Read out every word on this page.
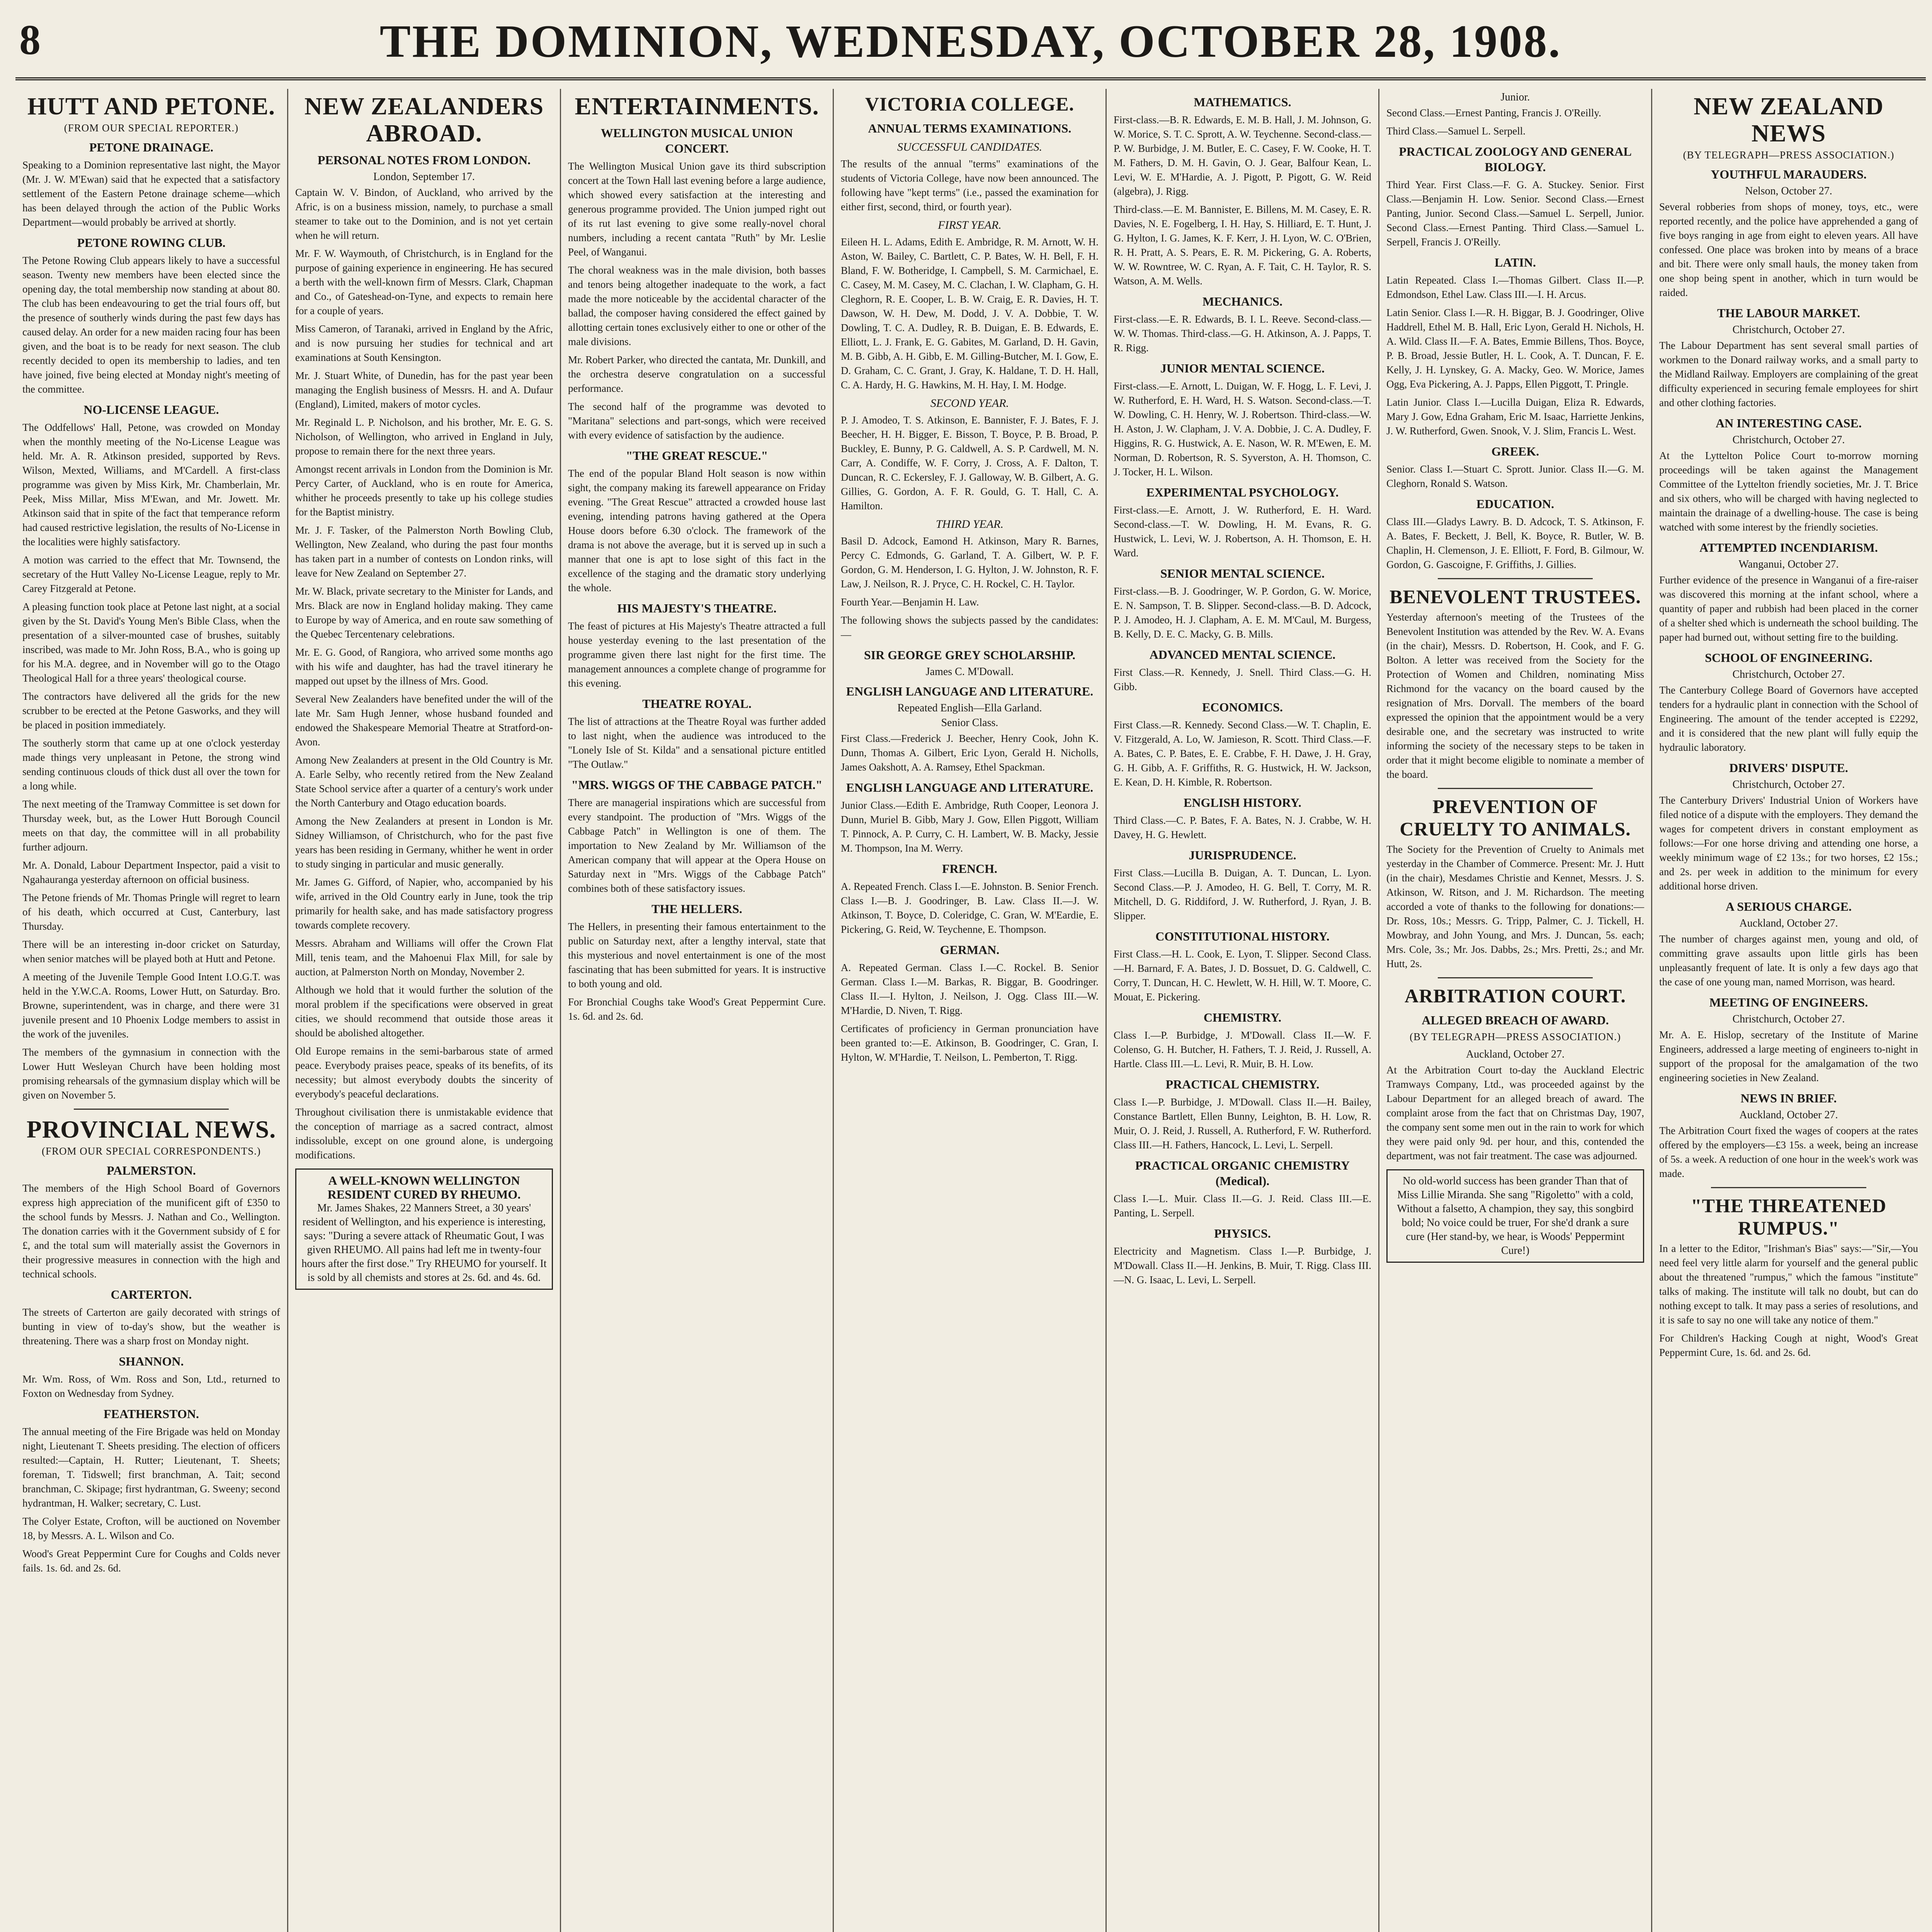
8	THE DOMINION, WEDNESDAY, OCTOBER 28, 1908.
HUTT AND PETONE.
(FROM OUR SPECIAL REPORTER.)
PETONE DRAINAGE.

Speaking to a Dominion representative last night, the Mayor (Mr. J. W. M'Ewan) said that he expected that a satisfactory settlement of the Eastern Petone drainage scheme—which has been delayed through the action of the Public Works Department—would probably be arrived at shortly.

PETONE ROWING CLUB.

The Petone Rowing Club appears likely to have a successful season. Twenty new members have been elected since the opening day, the total membership now standing at about 80. The club has been endeavouring to get the trial fours off, but the presence of southerly winds during the past few days has caused delay. An order for a new maiden racing four has been given, and the boat is to be ready for next season. The club recently decided to open its membership to ladies, and ten have joined, five being elected at Monday night's meeting of the committee.

NO-LICENSE LEAGUE.

The Oddfellows' Hall, Petone, was crowded on Monday when the monthly meeting of the No-License League was held. Mr. A. R. Atkinson presided, supported by Revs. Wilson, Mexted, Williams, and M'Cardell. A first-class programme was given by Miss Kirk, Mr. Chamberlain, Mr. Peek, Miss Millar, Miss M'Ewan, and Mr. Jowett. Mr. Atkinson said that in spite of the fact that temperance reform had caused restrictive legislation, the results of No-License in the localities were highly satisfactory.

A motion was carried to the effect that Mr. Townsend, the secretary of the Hutt Valley No-License League, reply to Mr. Carey Fitzgerald at Petone.

A pleasing function took place at Petone last night, at a social given by the St. David's Young Men's Bible Class, when the presentation of a silver-mounted case of brushes, suitably inscribed, was made to Mr. John Ross, B.A., who is going up for his M.A. degree, and in November will go to the Otago Theological Hall for a three years' theological course.

The contractors have delivered all the grids for the new scrubber to be erected at the Petone Gasworks, and they will be placed in position immediately.

The southerly storm that came up at one o'clock yesterday made things very unpleasant in Petone, the strong wind sending continuous clouds of thick dust all over the town for a long while.

The next meeting of the Tramway Committee is set down for Thursday week, but, as the Lower Hutt Borough Council meets on that day, the committee will in all probability further adjourn.

Mr. A. Donald, Labour Department Inspector, paid a visit to Ngahauranga yesterday afternoon on official business.

The Petone friends of Mr. Thomas Pringle will regret to learn of his death, which occurred at Cust, Canterbury, last Thursday.

There will be an interesting in-door cricket on Saturday, when senior matches will be played both at Hutt and Petone.

A meeting of the Juvenile Temple Good Intent I.O.G.T. was held in the Y.W.C.A. Rooms, Lower Hutt, on Saturday. Bro. Browne, superintendent, was in charge, and there were 31 juvenile present and 10 Phoenix Lodge members to assist in the work of the juveniles.

The members of the gymnasium in connection with the Lower Hutt Wesleyan Church have been holding most promising rehearsals of the gymnasium display which will be given on November 5.

PROVINCIAL NEWS.
(FROM OUR SPECIAL CORRESPONDENTS.)
PALMERSTON.

The members of the High School Board of Governors express high appreciation of the munificent gift of £350 to the school funds by Messrs. J. Nathan and Co., Wellington. The donation carries with it the Government subsidy of £ for £, and the total sum will materially assist the Governors in their progressive measures in connection with the high and technical schools.

CARTERTON.

The streets of Carterton are gaily decorated with strings of bunting in view of to-day's show, but the weather is threatening. There was a sharp frost on Monday night.

SHANNON.

Mr. Wm. Ross, of Wm. Ross and Son, Ltd., returned to Foxton on Wednesday from Sydney.

FEATHERSTON.

The annual meeting of the Fire Brigade was held on Monday night, Lieutenant T. Sheets presiding. The election of officers resulted:—Captain, H. Rutter; Lieutenant, T. Sheets; foreman, T. Tidswell; first branchman, A. Tait; second branchman, C. Skipage; first hydrantman, G. Sweeny; second hydrantman, H. Walker; secretary, C. Lust.

The Colyer Estate, Crofton, will be auctioned on November 18, by Messrs. A. L. Wilson and Co.

Wood's Great Peppermint Cure for Coughs and Colds never fails. 1s. 6d. and 2s. 6d.

NEW ZEALANDERS ABROAD.
PERSONAL NOTES FROM LONDON.
London, September 17.

Captain W. V. Bindon, of Auckland, who arrived by the Afric, is on a business mission, namely, to purchase a small steamer to take out to the Dominion, and is not yet certain when he will return.

Mr. F. W. Waymouth, of Christchurch, is in England for the purpose of gaining experience in engineering. He has secured a berth with the well-known firm of Messrs. Clark, Chapman and Co., of Gateshead-on-Tyne, and expects to remain here for a couple of years.

Miss Cameron, of Taranaki, arrived in England by the Afric, and is now pursuing her studies for technical and art examinations at South Kensington.

Mr. J. Stuart White, of Dunedin, has for the past year been managing the English business of Messrs. H. and A. Dufaur (England), Limited, makers of motor cycles.

Mr. Reginald L. P. Nicholson, and his brother, Mr. E. G. S. Nicholson, of Wellington, who arrived in England in July, propose to remain there for the next three years.

Amongst recent arrivals in London from the Dominion is Mr. Percy Carter, of Auckland, who is en route for America, whither he proceeds presently to take up his college studies for the Baptist ministry.

Mr. J. F. Tasker, of the Palmerston North Bowling Club, Wellington, New Zealand, who during the past four months has taken part in a number of contests on London rinks, will leave for New Zealand on September 27.

Mr. W. Black, private secretary to the Minister for Lands, and Mrs. Black are now in England holiday making. They came to Europe by way of America, and en route saw something of the Quebec Tercentenary celebrations.

Mr. E. G. Good, of Rangiora, who arrived some months ago with his wife and daughter, has had the travel itinerary he mapped out upset by the illness of Mrs. Good.

Several New Zealanders have benefited under the will of the late Mr. Sam Hugh Jenner, whose husband founded and endowed the Shakespeare Memorial Theatre at Stratford-on-Avon.

Among New Zealanders at present in the Old Country is Mr. A. Earle Selby, who recently retired from the New Zealand State School service after a quarter of a century's work under the North Canterbury and Otago education boards.

Among the New Zealanders at present in London is Mr. Sidney Williamson, of Christchurch, who for the past five years has been residing in Germany, whither he went in order to study singing in particular and music generally.

Mr. James G. Gifford, of Napier, who, accompanied by his wife, arrived in the Old Country early in June, took the trip primarily for health sake, and has made satisfactory progress towards complete recovery.

Messrs. Abraham and Williams will offer the Crown Flat Mill, tenis team, and the Mahoenui Flax Mill, for sale by auction, at Palmerston North on Monday, November 2.

Although we hold that it would further the solution of the moral problem if the specifications were observed in great cities, we should recommend that outside those areas it should be abolished altogether.

Old Europe remains in the semi-barbarous state of armed peace. Everybody praises peace, speaks of its benefits, of its necessity; but almost everybody doubts the sincerity of everybody's peaceful declarations.

Throughout civilisation there is unmistakable evidence that the conception of marriage as a sacred contract, almost indissoluble, except on one ground alone, is undergoing modifications.

A WELL-KNOWN WELLINGTON RESIDENT CURED BY RHEUMO.
Mr. James Shakes, 22 Manners Street, a 30 years' resident of Wellington, and his experience is interesting, says: "During a severe attack of Rheumatic Gout, I was given RHEUMO. All pains had left me in twenty-four hours after the first dose." Try RHEUMO for yourself. It is sold by all chemists and stores at 2s. 6d. and 4s. 6d.
ENTERTAINMENTS.
WELLINGTON MUSICAL UNION CONCERT.

The Wellington Musical Union gave its third subscription concert at the Town Hall last evening before a large audience, which showed every satisfaction at the interesting and generous programme provided. The Union jumped right out of its rut last evening to give some really-novel choral numbers, including a recent cantata "Ruth" by Mr. Leslie Peel, of Wanganui.

The choral weakness was in the male division, both basses and tenors being altogether inadequate to the work, a fact made the more noticeable by the accidental character of the ballad, the composer having considered the effect gained by allotting certain tones exclusively either to one or other of the male divisions.

Mr. Robert Parker, who directed the cantata, Mr. Dunkill, and the orchestra deserve congratulation on a successful performance.

The second half of the programme was devoted to "Maritana" selections and part-songs, which were received with every evidence of satisfaction by the audience.

"THE GREAT RESCUE."

The end of the popular Bland Holt season is now within sight, the company making its farewell appearance on Friday evening. "The Great Rescue" attracted a crowded house last evening, intending patrons having gathered at the Opera House doors before 6.30 o'clock. The framework of the drama is not above the average, but it is served up in such a manner that one is apt to lose sight of this fact in the excellence of the staging and the dramatic story underlying the whole.

HIS MAJESTY'S THEATRE.

The feast of pictures at His Majesty's Theatre attracted a full house yesterday evening to the last presentation of the programme given there last night for the first time. The management announces a complete change of programme for this evening.

THEATRE ROYAL.

The list of attractions at the Theatre Royal was further added to last night, when the audience was introduced to the "Lonely Isle of St. Kilda" and a sensational picture entitled "The Outlaw."

"MRS. WIGGS OF THE CABBAGE PATCH."

There are managerial inspirations which are successful from every standpoint. The production of "Mrs. Wiggs of the Cabbage Patch" in Wellington is one of them. The importation to New Zealand by Mr. Williamson of the American company that will appear at the Opera House on Saturday next in "Mrs. Wiggs of the Cabbage Patch" combines both of these satisfactory issues.

THE HELLERS.

The Hellers, in presenting their famous entertainment to the public on Saturday next, after a lengthy interval, state that this mysterious and novel entertainment is one of the most fascinating that has been submitted for years. It is instructive to both young and old.

For Bronchial Coughs take Wood's Great Peppermint Cure. 1s. 6d. and 2s. 6d.

VICTORIA COLLEGE.
ANNUAL TERMS EXAMINATIONS.
SUCCESSFUL CANDIDATES.

The results of the annual "terms" examinations of the students of Victoria College, have now been announced. The following have "kept terms" (i.e., passed the examination for either first, second, third, or fourth year).

FIRST YEAR.

Eileen H. L. Adams, Edith E. Ambridge, R. M. Arnott, W. H. Aston, W. Bailey, C. Bartlett, C. P. Bates, W. H. Bell, F. H. Bland, F. W. Botheridge, I. Campbell, S. M. Carmichael, E. C. Casey, M. M. Casey, M. C. Clachan, I. W. Clapham, G. H. Cleghorn, R. E. Cooper, L. B. W. Craig, E. R. Davies, H. T. Dawson, W. H. Dew, M. Dodd, J. V. A. Dobbie, T. W. Dowling, T. C. A. Dudley, R. B. Duigan, E. B. Edwards, E. Elliott, L. J. Frank, E. G. Gabites, M. Garland, D. H. Gavin, M. B. Gibb, A. H. Gibb, E. M. Gilling-Butcher, M. I. Gow, E. D. Graham, C. C. Grant, J. Gray, K. Haldane, T. D. H. Hall, C. A. Hardy, H. G. Hawkins, M. H. Hay, I. M. Hodge.

SECOND YEAR.

P. J. Amodeo, T. S. Atkinson, E. Bannister, F. J. Bates, F. J. Beecher, H. H. Bigger, E. Bisson, T. Boyce, P. B. Broad, P. Buckley, E. Bunny, P. G. Caldwell, A. S. P. Cardwell, M. N. Carr, A. Condiffe, W. F. Corry, J. Cross, A. F. Dalton, T. Duncan, R. C. Eckersley, F. J. Galloway, W. B. Gilbert, A. G. Gillies, G. Gordon, A. F. R. Gould, G. T. Hall, C. A. Hamilton.

THIRD YEAR.

Basil D. Adcock, Eamond H. Atkinson, Mary R. Barnes, Percy C. Edmonds, G. Garland, T. A. Gilbert, W. P. F. Gordon, G. M. Henderson, I. G. Hylton, J. W. Johnston, R. F. Law, J. Neilson, R. J. Pryce, C. H. Rockel, C. H. Taylor.

Fourth Year.—Benjamin H. Law.

The following shows the subjects passed by the candidates:—

SIR GEORGE GREY SCHOLARSHIP.
James C. M'Dowall.
ENGLISH LANGUAGE AND LITERATURE.
Repeated English—Ella Garland.
Senior Class.

First Class.—Frederick J. Beecher, Henry Cook, John K. Dunn, Thomas A. Gilbert, Eric Lyon, Gerald H. Nicholls, James Oakshott, A. A. Ramsey, Ethel Spackman.

ENGLISH LANGUAGE AND LITERATURE.

Junior Class.—Edith E. Ambridge, Ruth Cooper, Leonora J. Dunn, Muriel B. Gibb, Mary J. Gow, Ellen Piggott, William T. Pinnock, A. P. Curry, C. H. Lambert, W. B. Macky, Jessie M. Thompson, Ina M. Werry.

FRENCH.

A. Repeated French. Class I.—E. Johnston. B. Senior French. Class I.—B. J. Goodringer, B. Law. Class II.—J. W. Atkinson, T. Boyce, D. Coleridge, C. Gran, W. M'Eardie, E. Pickering, G. Reid, W. Teychenne, E. Thompson.

GERMAN.

A. Repeated German. Class I.—C. Rockel. B. Senior German. Class I.—M. Barkas, R. Biggar, B. Goodringer. Class II.—I. Hylton, J. Neilson, J. Ogg. Class III.—W. M'Hardie, D. Niven, T. Rigg.

Certificates of proficiency in German pronunciation have been granted to:—E. Atkinson, B. Goodringer, C. Gran, I. Hylton, W. M'Hardie, T. Neilson, L. Pemberton, T. Rigg.

MATHEMATICS.

First-class.—B. R. Edwards, E. M. B. Hall, J. M. Johnson, G. W. Morice, S. T. C. Sprott, A. W. Teychenne. Second-class.—P. W. Burbidge, J. M. Butler, E. C. Casey, F. W. Cooke, H. T. M. Fathers, D. M. H. Gavin, O. J. Gear, Balfour Kean, L. Levi, W. E. M'Hardie, A. J. Pigott, P. Pigott, G. W. Reid (algebra), J. Rigg.

Third-class.—E. M. Bannister, E. Billens, M. M. Casey, E. R. Davies, N. E. Fogelberg, I. H. Hay, S. Hilliard, E. T. Hunt, J. G. Hylton, I. G. James, K. F. Kerr, J. H. Lyon, W. C. O'Brien, R. H. Pratt, A. S. Pears, E. R. M. Pickering, G. A. Roberts, W. W. Rowntree, W. C. Ryan, A. F. Tait, C. H. Taylor, R. S. Watson, A. M. Wells.

MECHANICS.

First-class.—E. R. Edwards, B. I. L. Reeve. Second-class.—W. W. Thomas. Third-class.—G. H. Atkinson, A. J. Papps, T. R. Rigg.

JUNIOR MENTAL SCIENCE.

First-class.—E. Arnott, L. Duigan, W. F. Hogg, L. F. Levi, J. W. Rutherford, E. H. Ward, H. S. Watson. Second-class.—T. W. Dowling, C. H. Henry, W. J. Robertson. Third-class.—W. H. Aston, J. W. Clapham, J. V. A. Dobbie, J. C. A. Dudley, F. Higgins, R. G. Hustwick, A. E. Nason, W. R. M'Ewen, E. M. Norman, D. Robertson, R. S. Syverston, A. H. Thomson, C. J. Tocker, H. L. Wilson.

EXPERIMENTAL PSYCHOLOGY.

First-class.—E. Arnott, J. W. Rutherford, E. H. Ward. Second-class.—T. W. Dowling, H. M. Evans, R. G. Hustwick, L. Levi, W. J. Robertson, A. H. Thomson, E. H. Ward.

SENIOR MENTAL SCIENCE.

First-class.—B. J. Goodringer, W. P. Gordon, G. W. Morice, E. N. Sampson, T. B. Slipper. Second-class.—B. D. Adcock, P. J. Amodeo, H. J. Clapham, A. E. M. M'Caul, M. Burgess, B. Kelly, D. E. C. Macky, G. B. Mills.

ADVANCED MENTAL SCIENCE.

First Class.—R. Kennedy, J. Snell. Third Class.—G. H. Gibb.

ECONOMICS.

First Class.—R. Kennedy. Second Class.—W. T. Chaplin, E. V. Fitzgerald, A. Lo, W. Jamieson, R. Scott. Third Class.—F. A. Bates, C. P. Bates, E. E. Crabbe, F. H. Dawe, J. H. Gray, G. H. Gibb, A. F. Griffiths, R. G. Hustwick, H. W. Jackson, E. Kean, D. H. Kimble, R. Robertson.

ENGLISH HISTORY.

Third Class.—C. P. Bates, F. A. Bates, N. J. Crabbe, W. H. Davey, H. G. Hewlett.

JURISPRUDENCE.

First Class.—Lucilla B. Duigan, A. T. Duncan, L. Lyon. Second Class.—P. J. Amodeo, H. G. Bell, T. Corry, M. R. Mitchell, D. G. Riddiford, J. W. Rutherford, J. Ryan, J. B. Slipper.

CONSTITUTIONAL HISTORY.

First Class.—H. L. Cook, E. Lyon, T. Slipper. Second Class.—H. Barnard, F. A. Bates, J. D. Bossuet, D. G. Caldwell, C. Corry, T. Duncan, H. C. Hewlett, W. H. Hill, W. T. Moore, C. Mouat, E. Pickering.

CHEMISTRY.

Class I.—P. Burbidge, J. M'Dowall. Class II.—W. F. Colenso, G. H. Butcher, H. Fathers, T. J. Reid, J. Russell, A. Hartle. Class III.—L. Levi, R. Muir, B. H. Low.

PRACTICAL CHEMISTRY.

Class I.—P. Burbidge, J. M'Dowall. Class II.—H. Bailey, Constance Bartlett, Ellen Bunny, Leighton, B. H. Low, R. Muir, O. J. Reid, J. Russell, A. Rutherford, F. W. Rutherford. Class III.—H. Fathers, Hancock, L. Levi, L. Serpell.

PRACTICAL ORGANIC CHEMISTRY (Medical).

Class I.—L. Muir. Class II.—G. J. Reid. Class III.—E. Panting, L. Serpell.

PHYSICS.

Electricity and Magnetism. Class I.—P. Burbidge, J. M'Dowall. Class II.—H. Jenkins, B. Muir, T. Rigg. Class III.—N. G. Isaac, L. Levi, L. Serpell.

Junior.

Second Class.—Ernest Panting, Francis J. O'Reilly.

Third Class.—Samuel L. Serpell.

PRACTICAL ZOOLOGY AND GENERAL BIOLOGY.

Third Year. First Class.—F. G. A. Stuckey. Senior. First Class.—Benjamin H. Low. Senior. Second Class.—Ernest Panting, Junior. Second Class.—Samuel L. Serpell, Junior. Second Class.—Ernest Panting. Third Class.—Samuel L. Serpell, Francis J. O'Reilly.

LATIN.

Latin Repeated. Class I.—Thomas Gilbert. Class II.—P. Edmondson, Ethel Law. Class III.—I. H. Arcus.

Latin Senior. Class I.—R. H. Biggar, B. J. Goodringer, Olive Haddrell, Ethel M. B. Hall, Eric Lyon, Gerald H. Nichols, H. A. Wild. Class II.—F. A. Bates, Emmie Billens, Thos. Boyce, P. B. Broad, Jessie Butler, H. L. Cook, A. T. Duncan, F. E. Kelly, J. H. Lynskey, G. A. Macky, Geo. W. Morice, James Ogg, Eva Pickering, A. J. Papps, Ellen Piggott, T. Pringle.

Latin Junior. Class I.—Lucilla Duigan, Eliza R. Edwards, Mary J. Gow, Edna Graham, Eric M. Isaac, Harriette Jenkins, J. W. Rutherford, Gwen. Snook, V. J. Slim, Francis L. West.

GREEK.

Senior. Class I.—Stuart C. Sprott. Junior. Class II.—G. M. Cleghorn, Ronald S. Watson.

EDUCATION.

Class III.—Gladys Lawry. B. D. Adcock, T. S. Atkinson, F. A. Bates, F. Beckett, J. Bell, K. Boyce, R. Butler, W. B. Chaplin, H. Clemenson, J. E. Elliott, F. Ford, B. Gilmour, W. Gordon, G. Gascoigne, F. Griffiths, J. Gillies.

BENEVOLENT TRUSTEES.

Yesterday afternoon's meeting of the Trustees of the Benevolent Institution was attended by the Rev. W. A. Evans (in the chair), Messrs. D. Robertson, H. Cook, and F. G. Bolton. A letter was received from the Society for the Protection of Women and Children, nominating Miss Richmond for the vacancy on the board caused by the resignation of Mrs. Dorvall. The members of the board expressed the opinion that the appointment would be a very desirable one, and the secretary was instructed to write informing the society of the necessary steps to be taken in order that it might become eligible to nominate a member of the board.

PREVENTION OF CRUELTY TO ANIMALS.

The Society for the Prevention of Cruelty to Animals met yesterday in the Chamber of Commerce. Present: Mr. J. Hutt (in the chair), Mesdames Christie and Kennet, Messrs. J. S. Atkinson, W. Ritson, and J. M. Richardson. The meeting accorded a vote of thanks to the following for donations:—Dr. Ross, 10s.; Messrs. G. Tripp, Palmer, C. J. Tickell, H. Mowbray, and John Young, and Mrs. J. Duncan, 5s. each; Mrs. Cole, 3s.; Mr. Jos. Dabbs, 2s.; Mrs. Pretti, 2s.; and Mr. Hutt, 2s.

ARBITRATION COURT.
ALLEGED BREACH OF AWARD.
(BY TELEGRAPH—PRESS ASSOCIATION.)
Auckland, October 27.

At the Arbitration Court to-day the Auckland Electric Tramways Company, Ltd., was proceeded against by the Labour Department for an alleged breach of award. The complaint arose from the fact that on Christmas Day, 1907, the company sent some men out in the rain to work for which they were paid only 9d. per hour, and this, contended the department, was not fair treatment. The case was adjourned.

No old-world success has been grander Than that of Miss Lillie Miranda. She sang "Rigoletto" with a cold, Without a falsetto, A champion, they say, this songbird bold; No voice could be truer, For she'd drank a sure cure (Her stand-by, we hear, is Woods' Peppermint Cure!)
NEW ZEALAND NEWS
(BY TELEGRAPH—PRESS ASSOCIATION.)
YOUTHFUL MARAUDERS.
Nelson, October 27.

Several robberies from shops of money, toys, etc., were reported recently, and the police have apprehended a gang of five boys ranging in age from eight to eleven years. All have confessed. One place was broken into by means of a brace and bit. There were only small hauls, the money taken from one shop being spent in another, which in turn would be raided.

THE LABOUR MARKET.
Christchurch, October 27.

The Labour Department has sent several small parties of workmen to the Donard railway works, and a small party to the Midland Railway. Employers are complaining of the great difficulty experienced in securing female employees for shirt and other clothing factories.

AN INTERESTING CASE.
Christchurch, October 27.

At the Lyttelton Police Court to-morrow morning proceedings will be taken against the Management Committee of the Lyttelton friendly societies, Mr. J. T. Brice and six others, who will be charged with having neglected to maintain the drainage of a dwelling-house. The case is being watched with some interest by the friendly societies.

ATTEMPTED INCENDIARISM.
Wanganui, October 27.

Further evidence of the presence in Wanganui of a fire-raiser was discovered this morning at the infant school, where a quantity of paper and rubbish had been placed in the corner of a shelter shed which is underneath the school building. The paper had burned out, without setting fire to the building.

SCHOOL OF ENGINEERING.
Christchurch, October 27.

The Canterbury College Board of Governors have accepted tenders for a hydraulic plant in connection with the School of Engineering. The amount of the tender accepted is £2292, and it is considered that the new plant will fully equip the hydraulic laboratory.

DRIVERS' DISPUTE.
Christchurch, October 27.

The Canterbury Drivers' Industrial Union of Workers have filed notice of a dispute with the employers. They demand the wages for competent drivers in constant employment as follows:—For one horse driving and attending one horse, a weekly minimum wage of £2 13s.; for two horses, £2 15s.; and 2s. per week in addition to the minimum for every additional horse driven.

A SERIOUS CHARGE.
Auckland, October 27.

The number of charges against men, young and old, of committing grave assaults upon little girls has been unpleasantly frequent of late. It is only a few days ago that the case of one young man, named Morrison, was heard.

MEETING OF ENGINEERS.
Christchurch, October 27.

Mr. A. E. Hislop, secretary of the Institute of Marine Engineers, addressed a large meeting of engineers to-night in support of the proposal for the amalgamation of the two engineering societies in New Zealand.

NEWS IN BRIEF.
Auckland, October 27.

The Arbitration Court fixed the wages of coopers at the rates offered by the employers—£3 15s. a week, being an increase of 5s. a week. A reduction of one hour in the week's work was made.

"THE THREATENED RUMPUS."

In a letter to the Editor, "Irishman's Bias" says:—"Sir,—You need feel very little alarm for yourself and the general public about the threatened "rumpus," which the famous "institute" talks of making. The institute will talk no doubt, but can do nothing except to talk. It may pass a series of resolutions, and it is safe to say no one will take any notice of them."

For Children's Hacking Cough at night, Wood's Great Peppermint Cure, 1s. 6d. and 2s. 6d.
